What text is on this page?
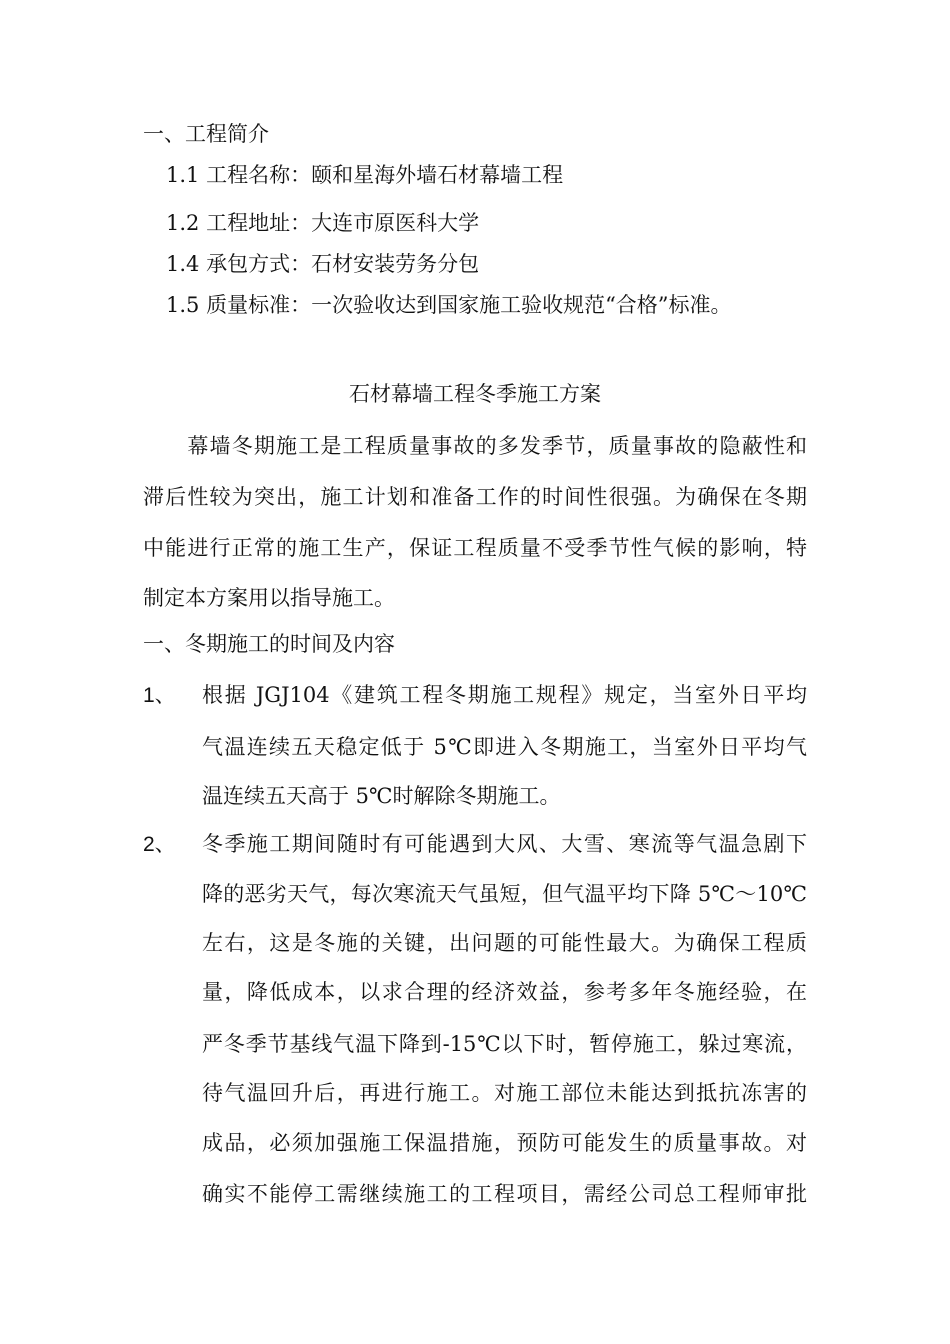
一、工程简介
1.1 工程名称：颐和星海外墙石材幕墙工程
1.2 工程地址：大连市原医科大学
1.4 承包方式：石材安装劳务分包
1.5 质量标准：一次验收达到国家施工验收规范“合格”标准。
石材幕墙工程冬季施工方案
　　幕墙冬期施工是工程质量事故的多发季节，质量事故的隐蔽性和
滞后性较为突出，施工计划和准备工作的时间性很强。为确保在冬期
中能进行正常的施工生产，保证工程质量不受季节性气候的影响，特
制定本方案用以指导施工。
一、冬期施工的时间及内容
1、 根据 JGJ104《建筑工程冬期施工规程》规定，当室外日平均
气温连续五天稳定低于 5℃即进入冬期施工，当室外日平均气
温连续五天高于 5℃时解除冬期施工。
2、 冬季施工期间随时有可能遇到大风、大雪、寒流等气温急剧下
降的恶劣天气，每次寒流天气虽短，但气温平均下降 5℃～10℃
左右，这是冬施的关键，出问题的可能性最大。为确保工程质
量，降低成本，以求合理的经济效益，参考多年冬施经验，在
严冬季节基线气温下降到-15℃以下时，暂停施工，躲过寒流，
待气温回升后，再进行施工。对施工部位未能达到抵抗冻害的
成品，必须加强施工保温措施，预防可能发生的质量事故。对
确实不能停工需继续施工的工程项目，需经公司总工程师审批
